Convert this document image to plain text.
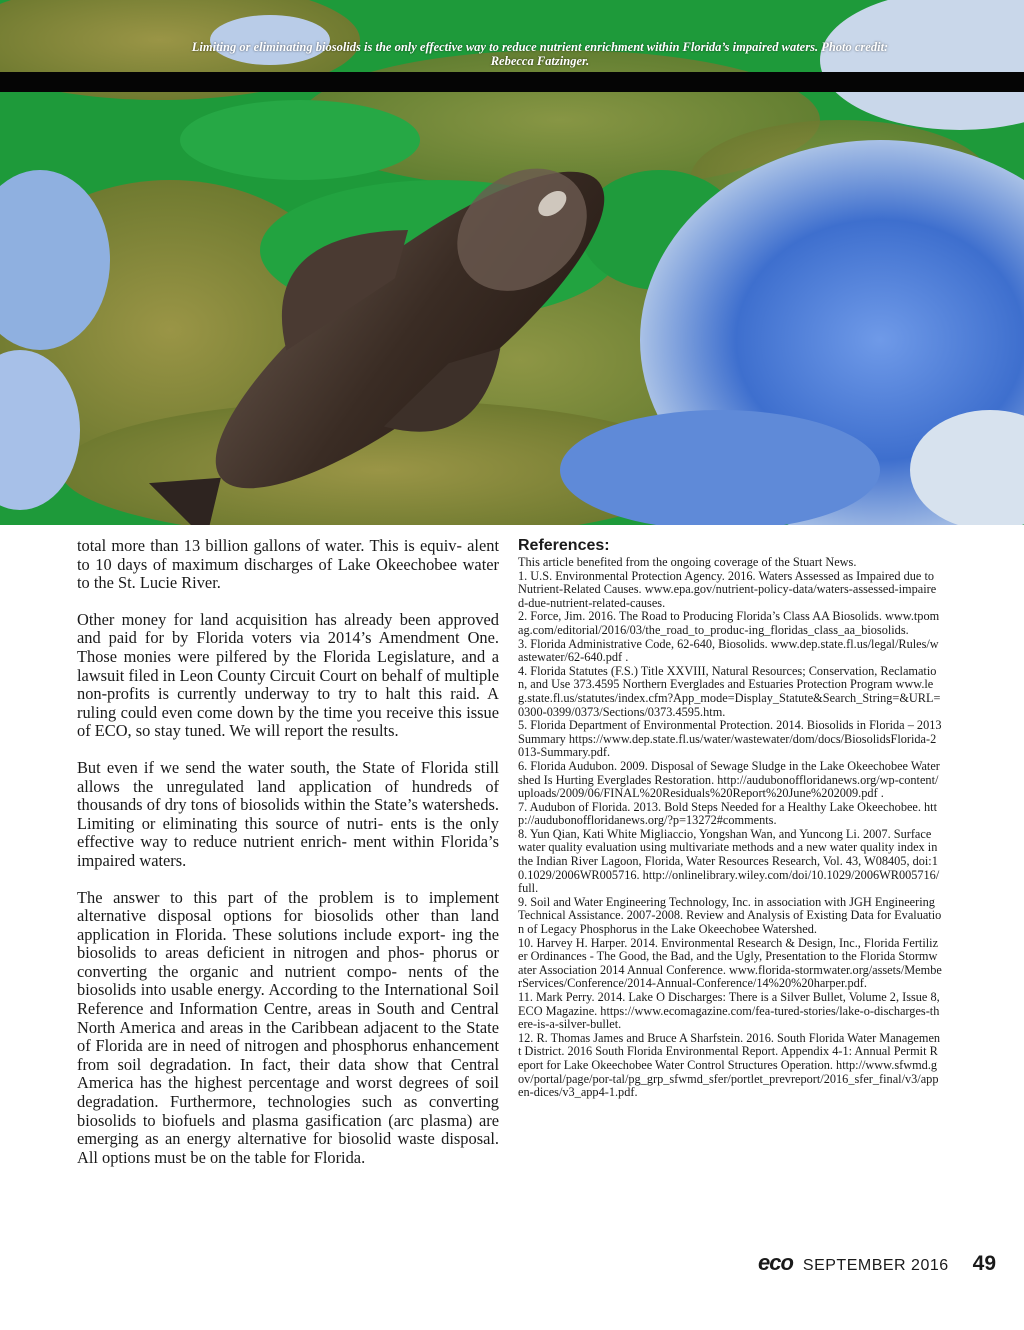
Limiting or eliminating biosolids is the only effective way to reduce nutrient enrichment within Florida’s impaired waters. Photo credit: Rebecca Fatzinger.

total more than 13 billion gallons of water. This is equiv- alent to 10 days of maximum discharges of Lake Okeechobee water to the St. Lucie River.

Other money for land acquisition has already been approved and paid for by Florida voters via 2014’s Amendment One. Those monies were pilfered by the Florida Legislature, and a lawsuit filed in Leon County Circuit Court on behalf of multiple non-profits is currently underway to try to halt this raid. A ruling could even come down by the time you receive this issue of ECO, so stay tuned. We will report the results.

But even if we send the water south, the State of Florida still allows the unregulated land application of hundreds of thousands of dry tons of biosolids within the State’s watersheds. Limiting or eliminating this source of nutri- ents is the only effective way to reduce nutrient enrich- ment within Florida’s impaired waters.

The answer to this part of the problem is to implement alternative disposal options for biosolids other than land application in Florida. These solutions include export- ing the biosolids to areas deficient in nitrogen and phos- phorus or converting the organic and nutrient compo- nents of the biosolids into usable energy. According to the International Soil Reference and Information Centre, areas in South and Central North America and areas in the Caribbean adjacent to the State of Florida are in need of nitrogen and phosphorus enhancement from soil degradation. In fact, their data show that Central America has the highest percentage and worst degrees of soil degradation. Furthermore, technologies such as converting biosolids to biofuels and plasma gasification (arc plasma) are emerging as an energy alternative for biosolid waste disposal. All options must be on the table for Florida.

References:

This article benefited from the ongoing coverage of the Stuart News.

1. U.S. Environmental Protection Agency. 2016. Waters Assessed as Impaired due to Nutrient-Related Causes. www.epa.gov/nutrient-policy-data/waters-assessed-impaired-due-nutrient-related-causes.

2. Force, Jim. 2016. The Road to Producing Florida’s Class AA Biosolids. www.tpomag.com/editorial/2016/03/the_road_to_produc-ing_floridas_class_aa_biosolids.

3. Florida Administrative Code, 62-640, Biosolids. www.dep.state.fl.us/legal/Rules/wastewater/62-640.pdf .

4. Florida Statutes (F.S.) Title XXVIII, Natural Resources; Conservation, Reclamation, and Use 373.4595 Northern Everglades and Estuaries Protection Program www.leg.state.fl.us/statutes/index.cfm?App_mode=Display_Statute&Search_String=&URL=0300-0399/0373/Sections/0373.4595.htm.

5. Florida Department of Environmental Protection. 2014. Biosolids in Florida – 2013 Summary https://www.dep.state.fl.us/water/wastewater/dom/docs/BiosolidsFlorida-2013-Summary.pdf.

6. Florida Audubon. 2009. Disposal of Sewage Sludge in the Lake Okeechobee Watershed Is Hurting Everglades Restoration. http://audubonoffloridanews.org/wp-content/uploads/2009/06/FINAL%20Residuals%20Report%20June%202009.pdf .

7. Audubon of Florida. 2013. Bold Steps Needed for a Healthy Lake Okeechobee. http://audubonoffloridanews.org/?p=13272#comments.

8. Yun Qian, Kati White Migliaccio, Yongshan Wan, and Yuncong Li. 2007. Surface water quality evaluation using multivariate methods and a new water quality index in the Indian River Lagoon, Florida, Water Resources Research, Vol. 43, W08405, doi:10.1029/2006WR005716. http://onlinelibrary.wiley.com/doi/10.1029/2006WR005716/full.

9. Soil and Water Engineering Technology, Inc. in association with JGH Engineering Technical Assistance. 2007-2008. Review and Analysis of Existing Data for Evaluation of Legacy Phosphorus in the Lake Okeechobee Watershed.

10. Harvey H. Harper. 2014. Environmental Research & Design, Inc., Florida Fertilizer Ordinances - The Good, the Bad, and the Ugly, Presentation to the Florida Stormwater Association 2014 Annual Conference. www.florida-stormwater.org/assets/MemberServices/Conference/2014-Annual-Conference/14%20%20harper.pdf.

11. Mark Perry. 2014. Lake O Discharges: There is a Silver Bullet, Volume 2, Issue 8, ECO Magazine. https://www.ecomagazine.com/fea-tured-stories/lake-o-discharges-there-is-a-silver-bullet.

12. R. Thomas James and Bruce A Sharfstein. 2016. South Florida Water Management District. 2016 South Florida Environmental Report. Appendix 4-1: Annual Permit Report for Lake Okeechobee Water Control Structures Operation. http://www.sfwmd.gov/portal/page/por-tal/pg_grp_sfwmd_sfer/portlet_prevreport/2016_sfer_final/v3/appen-dices/v3_app4-1.pdf.

eco SEPTEMBER 2016 49
